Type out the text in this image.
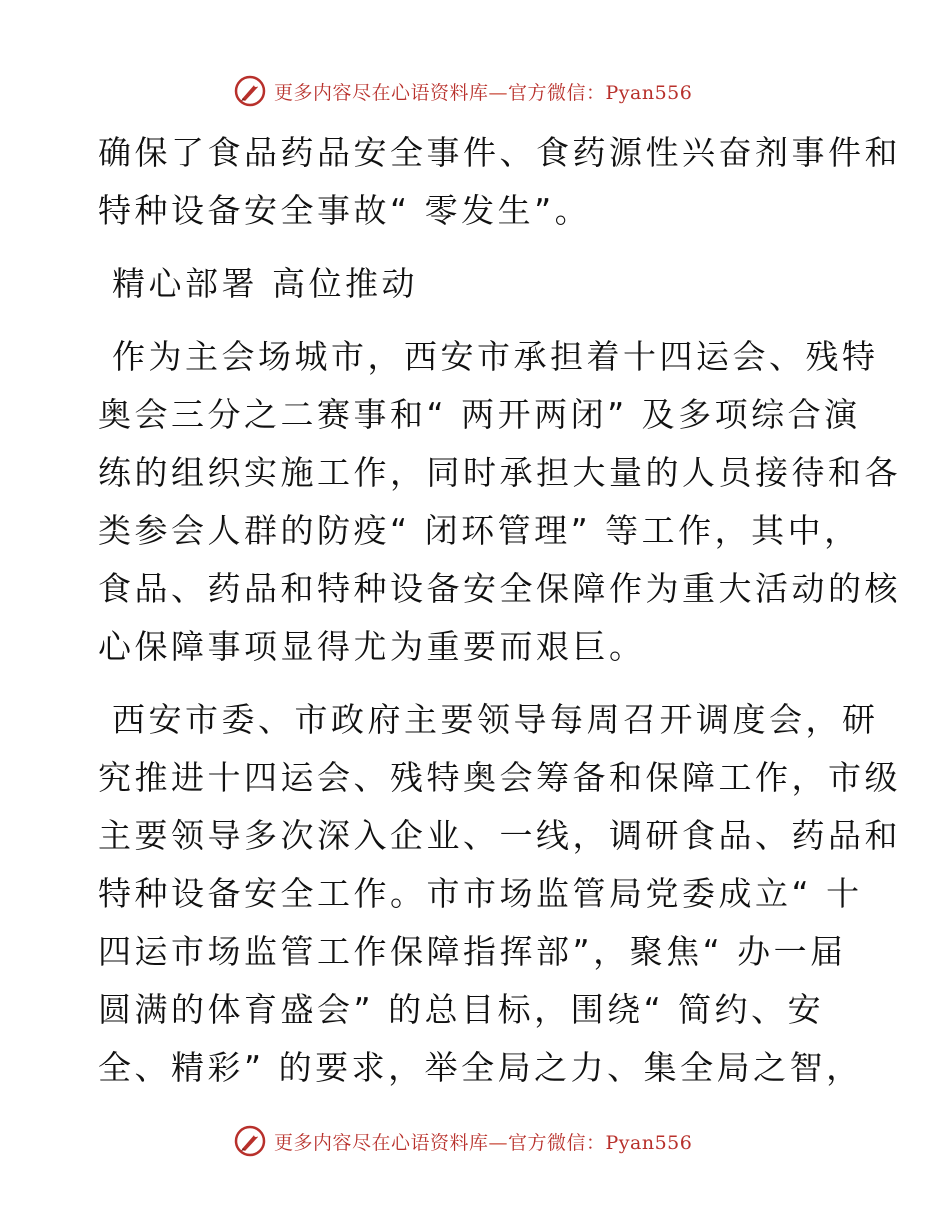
更多内容尽在心语资料库—官方微信：Pyan556

确保了食品药品安全事件、食药源性兴奋剂事件和
特种设备安全事故“ 零发生”。

精心部署 高位推动

作为主会场城市，西安市承担着十四运会、残特
奥会三分之二赛事和“ 两开两闭” 及多项综合演
练的组织实施工作，同时承担大量的人员接待和各
类参会人群的防疫“ 闭环管理” 等工作，其中，
食品、药品和特种设备安全保障作为重大活动的核
心保障事项显得尤为重要而艰巨。

西安市委、市政府主要领导每周召开调度会，研
究推进十四运会、残特奥会筹备和保障工作，市级
主要领导多次深入企业、一线，调研食品、药品和
特种设备安全工作。市市场监管局党委成立“ 十
四运市场监管工作保障指挥部”，聚焦“ 办一届
圆满的体育盛会” 的总目标，围绕“ 简约、安
全、精彩” 的要求，举全局之力、集全局之智，

更多内容尽在心语资料库—官方微信：Pyan556
